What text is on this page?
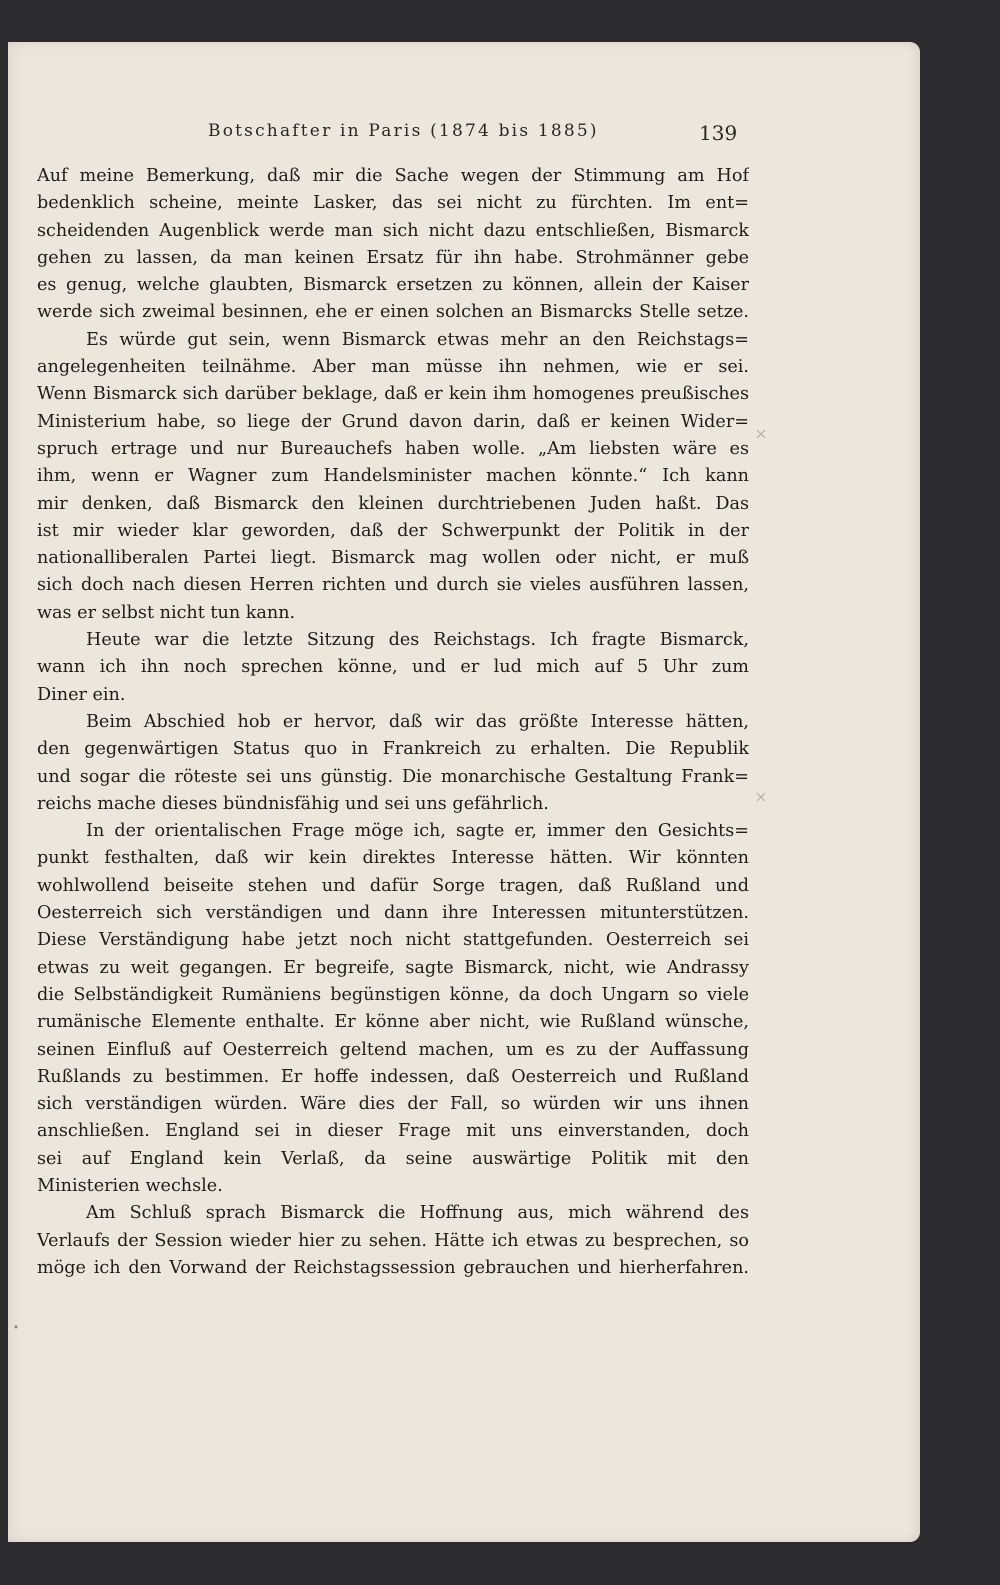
Botschafter in Paris (1874 bis 1885)	139
Auf meine Bemerkung, daß mir die Sache wegen der Stimmung am Hof
bedenklich scheine, meinte Lasker, das sei nicht zu fürchten. Im ent=
scheidenden Augenblick werde man sich nicht dazu entschließen, Bismarck
gehen zu lassen, da man keinen Ersatz für ihn habe. Strohmänner gebe
es genug, welche glaubten, Bismarck ersetzen zu können, allein der Kaiser
werde sich zweimal besinnen, ehe er einen solchen an Bismarcks Stelle setze.
Es würde gut sein, wenn Bismarck etwas mehr an den Reichstags=
angelegenheiten teilnähme. Aber man müsse ihn nehmen, wie er sei.
Wenn Bismarck sich darüber beklage, daß er kein ihm homogenes preußisches
Ministerium habe, so liege der Grund davon darin, daß er keinen Wider=
spruch ertrage und nur Bureauchefs haben wolle. „Am liebsten wäre es
ihm, wenn er Wagner zum Handelsminister machen könnte.“ Ich kann
mir denken, daß Bismarck den kleinen durchtriebenen Juden haßt. Das
ist mir wieder klar geworden, daß der Schwerpunkt der Politik in der
nationalliberalen Partei liegt. Bismarck mag wollen oder nicht, er muß
sich doch nach diesen Herren richten und durch sie vieles ausführen lassen,
was er selbst nicht tun kann.
Heute war die letzte Sitzung des Reichstags. Ich fragte Bismarck,
wann ich ihn noch sprechen könne, und er lud mich auf 5 Uhr zum
Diner ein.
Beim Abschied hob er hervor, daß wir das größte Interesse hätten,
den gegenwärtigen Status quo in Frankreich zu erhalten. Die Republik
und sogar die röteste sei uns günstig. Die monarchische Gestaltung Frank=
reichs mache dieses bündnisfähig und sei uns gefährlich.
In der orientalischen Frage möge ich, sagte er, immer den Gesichts=
punkt festhalten, daß wir kein direktes Interesse hätten. Wir könnten
wohlwollend beiseite stehen und dafür Sorge tragen, daß Rußland und
Oesterreich sich verständigen und dann ihre Interessen mitunterstützen.
Diese Verständigung habe jetzt noch nicht stattgefunden. Oesterreich sei
etwas zu weit gegangen. Er begreife, sagte Bismarck, nicht, wie Andrassy
die Selbständigkeit Rumäniens begünstigen könne, da doch Ungarn so viele
rumänische Elemente enthalte. Er könne aber nicht, wie Rußland wünsche,
seinen Einfluß auf Oesterreich geltend machen, um es zu der Auffassung
Rußlands zu bestimmen. Er hoffe indessen, daß Oesterreich und Rußland
sich verständigen würden. Wäre dies der Fall, so würden wir uns ihnen
anschließen. England sei in dieser Frage mit uns einverstanden, doch
sei auf England kein Verlaß, da seine auswärtige Politik mit den
Ministerien wechsle.
Am Schluß sprach Bismarck die Hoffnung aus, mich während des
Verlaufs der Session wieder hier zu sehen. Hätte ich etwas zu besprechen, so
möge ich den Vorwand der Reichstagssession gebrauchen und hierherfahren.
